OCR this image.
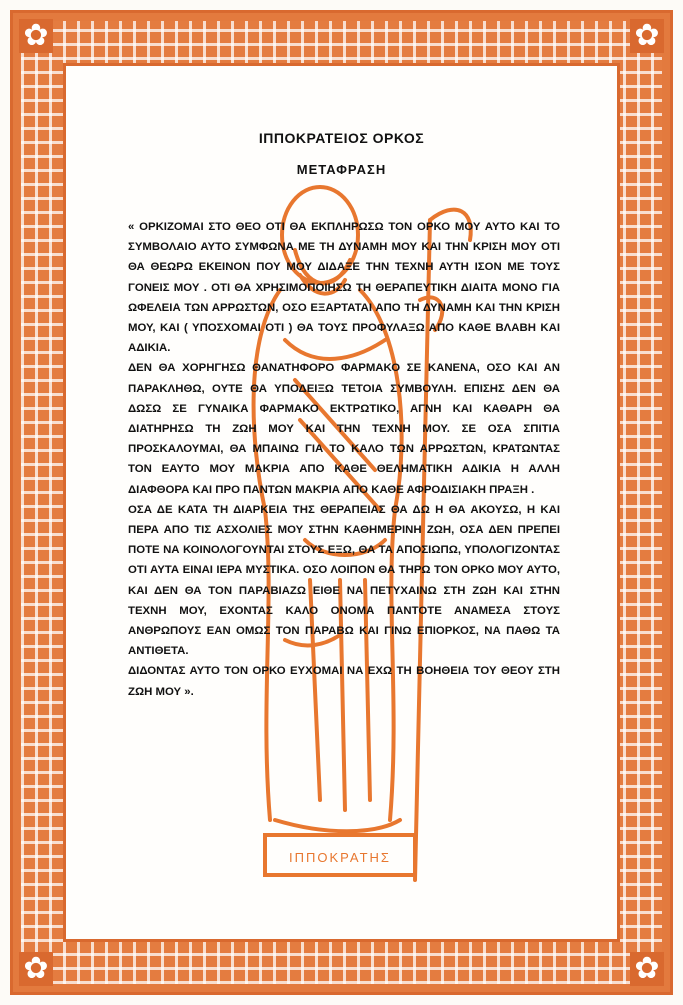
✿	✿
✿	✿
ΙΠΠΟΚΡΑΤΗΣ
ΙΠΠΟΚΡΑΤΕΙΟΣ ΟΡΚΟΣ
ΜΕΤΑΦΡΑΣΗ

« ΟΡΚΙΖΟΜΑΙ ΣΤΟ ΘΕΟ ΟΤΙ ΘΑ ΕΚΠΛΗΡΩΣΩ ΤΟΝ ΟΡΚΟ ΜΟΥ ΑΥΤΟ ΚΑΙ ΤΟ ΣΥΜΒΟΛΑΙΟ ΑΥΤΟ ΣΥΜΦΩΝΑ ΜΕ ΤΗ ΔΥΝΑΜΗ ΜΟΥ ΚΑΙ ΤΗΝ ΚΡΙΣΗ ΜΟΥ ΟΤΙ ΘΑ ΘΕΩΡΩ ΕΚΕΙΝΟΝ ΠΟΥ ΜΟΥ ΔΙΔΑΞΕ ΤΗΝ ΤΕΧΝΗ ΑΥΤΗ ΙΣΟΝ ΜΕ ΤΟΥΣ ΓΟΝΕΙΣ ΜΟΥ . ΟΤΙ ΘΑ ΧΡΗΣΙΜΟΠΟΙΗΣΩ ΤΗ ΘΕΡΑΠΕΥΤΙΚΗ ΔΙΑΙΤΑ ΜΟΝΟ ΓΙΑ ΩΦΕΛΕΙΑ ΤΩΝ ΑΡΡΩΣΤΩΝ, ΟΣΟ ΕΞΑΡΤΑΤΑΙ ΑΠΟ ΤΗ ΔΥΝΑΜΗ ΚΑΙ ΤΗΝ ΚΡΙΣΗ ΜΟΥ, ΚΑΙ ( ΥΠΟΣΧΟΜΑΙ ΟΤΙ ) ΘΑ ΤΟΥΣ ΠΡΟΦΥΛΑΞΩ ΑΠΟ ΚΑΘΕ ΒΛΑΒΗ ΚΑΙ ΑΔΙΚΙΑ.

ΔΕΝ ΘΑ ΧΟΡΗΓΗΣΩ ΘΑΝΑΤΗΦΟΡΟ ΦΑΡΜΑΚΟ ΣΕ ΚΑΝΕΝΑ, ΟΣΟ ΚΑΙ ΑΝ ΠΑΡΑΚΛΗΘΩ, ΟΥΤΕ ΘΑ ΥΠΟΔΕΙΞΩ ΤΕΤΟΙΑ ΣΥΜΒΟΥΛΗ. ΕΠΙΣΗΣ ΔΕΝ ΘΑ ΔΩΣΩ ΣΕ ΓΥΝΑΙΚΑ ΦΑΡΜΑΚΟ ΕΚΤΡΩΤΙΚΟ, ΑΓΝΗ ΚΑΙ ΚΑΘΑΡΗ ΘΑ ΔΙΑΤΗΡΗΣΩ ΤΗ ΖΩΗ ΜΟΥ ΚΑΙ ΤΗΝ ΤΕΧΝΗ ΜΟΥ. ΣΕ ΟΣΑ ΣΠΙΤΙΑ ΠΡΟΣΚΑΛΟΥΜΑΙ, ΘΑ ΜΠΑΙΝΩ ΓΙΑ ΤΟ ΚΑΛΟ ΤΩΝ ΑΡΡΩΣΤΩΝ, ΚΡΑΤΩΝΤΑΣ ΤΟΝ ΕΑΥΤΟ ΜΟΥ ΜΑΚΡΙΑ ΑΠΟ ΚΑΘΕ ΘΕΛΗΜΑΤΙΚΗ ΑΔΙΚΙΑ Η ΑΛΛΗ ΔΙΑΦΘΟΡΑ ΚΑΙ ΠΡΟ ΠΑΝΤΩΝ ΜΑΚΡΙΑ ΑΠΟ ΚΑΘΕ ΑΦΡΟΔΙΣΙΑΚΗ ΠΡΑΞΗ .

ΟΣΑ ΔΕ ΚΑΤΑ ΤΗ ΔΙΑΡΚΕΙΑ ΤΗΣ ΘΕΡΑΠΕΙΑΣ ΘΑ ΔΩ Η ΘΑ ΑΚΟΥΣΩ, Η ΚΑΙ ΠΕΡΑ ΑΠΟ ΤΙΣ ΑΣΧΟΛΙΕΣ ΜΟΥ ΣΤΗΝ ΚΑΘΗΜΕΡΙΝΗ ΖΩΗ, ΟΣΑ ΔΕΝ ΠΡΕΠΕΙ ΠΟΤΕ ΝΑ ΚΟΙΝΟΛΟΓΟΥΝΤΑΙ ΣΤΟΥΣ ΕΞΩ, ΘΑ ΤΑ ΑΠΟΣΙΩΠΩ, ΥΠΟΛΟΓΙΖΟΝΤΑΣ ΟΤΙ ΑΥΤΑ ΕΙΝΑΙ ΙΕΡΑ ΜΥΣΤΙΚΑ. ΟΣΟ ΛΟΙΠΟΝ ΘΑ ΤΗΡΩ ΤΟΝ ΟΡΚΟ ΜΟΥ ΑΥΤΟ, ΚΑΙ ΔΕΝ ΘΑ ΤΟΝ ΠΑΡΑΒΙΑΖΩ ΕΙΘΕ ΝΑ ΠΕΤΥΧΑΙΝΩ ΣΤΗ ΖΩΗ ΚΑΙ ΣΤΗΝ ΤΕΧΝΗ ΜΟΥ, ΕΧΟΝΤΑΣ ΚΑΛΟ ΟΝΟΜΑ ΠΑΝΤΟΤΕ ΑΝΑΜΕΣΑ ΣΤΟΥΣ ΑΝΘΡΩΠΟΥΣ ΕΑΝ ΟΜΩΣ ΤΟΝ ΠΑΡΑΒΩ ΚΑΙ ΓΙΝΩ ΕΠΙΟΡΚΟΣ, ΝΑ ΠΑΘΩ ΤΑ ΑΝΤΙΘΕΤΑ.

ΔΙΔΟΝΤΑΣ ΑΥΤΟ ΤΟΝ ΟΡΚΟ ΕΥΧΟΜΑΙ ΝΑ ΕΧΩ ΤΗ ΒΟΗΘΕΙΑ ΤΟΥ ΘΕΟΥ ΣΤΗ ΖΩΗ ΜΟΥ ».
